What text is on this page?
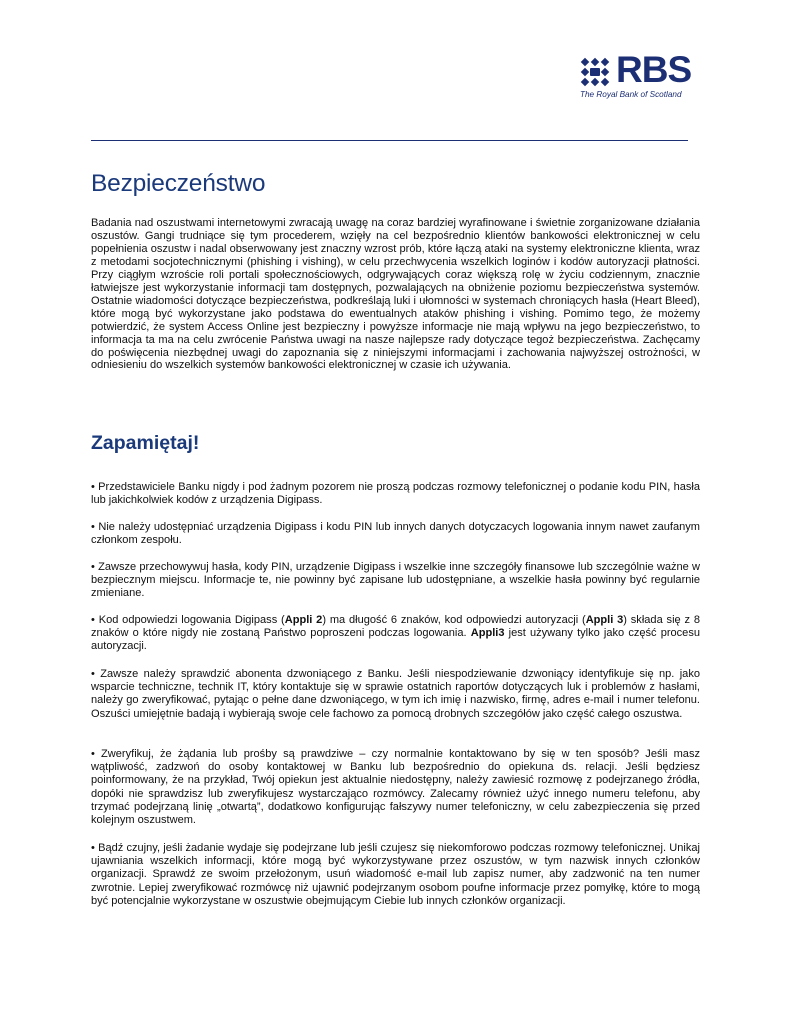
RBS
The Royal Bank of Scotland
Bezpieczeństwo

Badania nad oszustwami internetowymi zwracają uwagę na coraz bardziej wyrafinowane i świetnie zorganizowane działania oszustów. Gangi trudniące się tym procederem, wzięły na cel bezpośrednio klientów bankowości elektronicznej w celu popełnienia oszustw i nadal obserwowany jest znaczny wzrost prób, które łączą ataki na systemy elektroniczne klienta, wraz z metodami socjotechnicznymi (phishing i vishing), w celu przechwycenia wszelkich loginów i kodów autoryzacji płatności. Przy ciągłym wzroście roli portali społecznościowych, odgrywających coraz większą rolę w życiu codziennym, znacznie łatwiejsze jest wykorzystanie informacji tam dostępnych, pozwalających na obniżenie poziomu bezpieczeństwa systemów. Ostatnie wiadomości dotyczące bezpieczeństwa, podkreślają luki i ułomności w systemach chroniących hasła (Heart Bleed), które mogą być wykorzystane jako podstawa do ewentualnych ataków phishing i vishing. Pomimo tego, że możemy potwierdzić, że system Access Online jest bezpieczny i powyższe informacje nie mają wpływu na jego bezpieczeństwo, to informacja ta ma na celu zwrócenie Państwa uwagi na nasze najlepsze rady dotyczące tegoż bezpieczeństwa. Zachęcamy do poświęcenia niezbędnej uwagi do zapoznania się z niniejszymi informacjami i zachowania najwyższej ostrożności, w odniesieniu do wszelkich systemów bankowości elektronicznej w czasie ich używania.

Zapamiętaj!

• Przedstawiciele Banku nigdy i pod żadnym pozorem nie proszą podczas rozmowy telefonicznej o podanie kodu PIN, hasła lub jakichkolwiek kodów z urządzenia Digipass.

• Nie należy udostępniać urządzenia Digipass i kodu PIN lub innych danych dotyczacych logowania innym nawet zaufanym członkom zespołu.

• Zawsze przechowywuj hasła, kody PIN, urządzenie Digipass i wszelkie inne szczegóły finansowe lub szczególnie ważne w bezpiecznym miejscu. Informacje te, nie powinny być zapisane lub udostępniane, a wszelkie hasła powinny być regularnie zmieniane.

• Kod odpowiedzi logowania Digipass (Appli 2) ma długość 6 znaków, kod odpowiedzi autoryzacji (Appli 3) składa się z 8 znaków o które nigdy nie zostaną Państwo poproszeni podczas logowania. Appli3 jest używany tylko jako część procesu autoryzacji.

• Zawsze należy sprawdzić abonenta dzwoniącego z Banku. Jeśli niespodziewanie dzwoniący identyfikuje się np. jako wsparcie techniczne, technik IT, który kontaktuje się w sprawie ostatnich raportów dotyczących luk i problemów z hasłami, należy go zweryfikować, pytając o pełne dane dzwoniącego, w tym ich imię i nazwisko, firmę, adres e-mail i numer telefonu. Oszuści umiejętnie badają i wybierają swoje cele fachowo za pomocą drobnych szczegółów jako część całego oszustwa.

• Zweryfikuj, że żądania lub prośby są prawdziwe – czy normalnie kontaktowano by się w ten sposób? Jeśli masz wątpliwość, zadzwoń do osoby kontaktowej w Banku lub bezpośrednio do opiekuna ds. relacji. Jeśli będziesz poinformowany, że na przykład, Twój opiekun jest aktualnie niedostępny, należy zawiesić rozmowę z podejrzanego źródła, dopóki nie sprawdzisz lub zweryfikujesz wystarczająco rozmówcy. Zalecamy również użyć innego numeru telefonu, aby trzymać podejrzaną linię „otwartą”, dodatkowo konfigurując fałszywy numer telefoniczny, w celu zabezpieczenia się przed kolejnym oszustwem.

• Bądź czujny, jeśli żadanie wydaje się podejrzane lub jeśli czujesz się niekomforowo podczas rozmowy telefonicznej. Unikaj ujawniania wszelkich informacji, które mogą być wykorzystywane przez oszustów, w tym nazwisk innych członków organizacji. Sprawdź ze swoim przełożonym, usuń wiadomość e-mail lub zapisz numer, aby zadzwonić na ten numer zwrotnie. Lepiej zweryfikować rozmówcę niż ujawnić podejrzanym osobom poufne informacje przez pomyłkę, które to mogą być potencjalnie wykorzystane w oszustwie obejmującym Ciebie lub innych członków organizacji.
